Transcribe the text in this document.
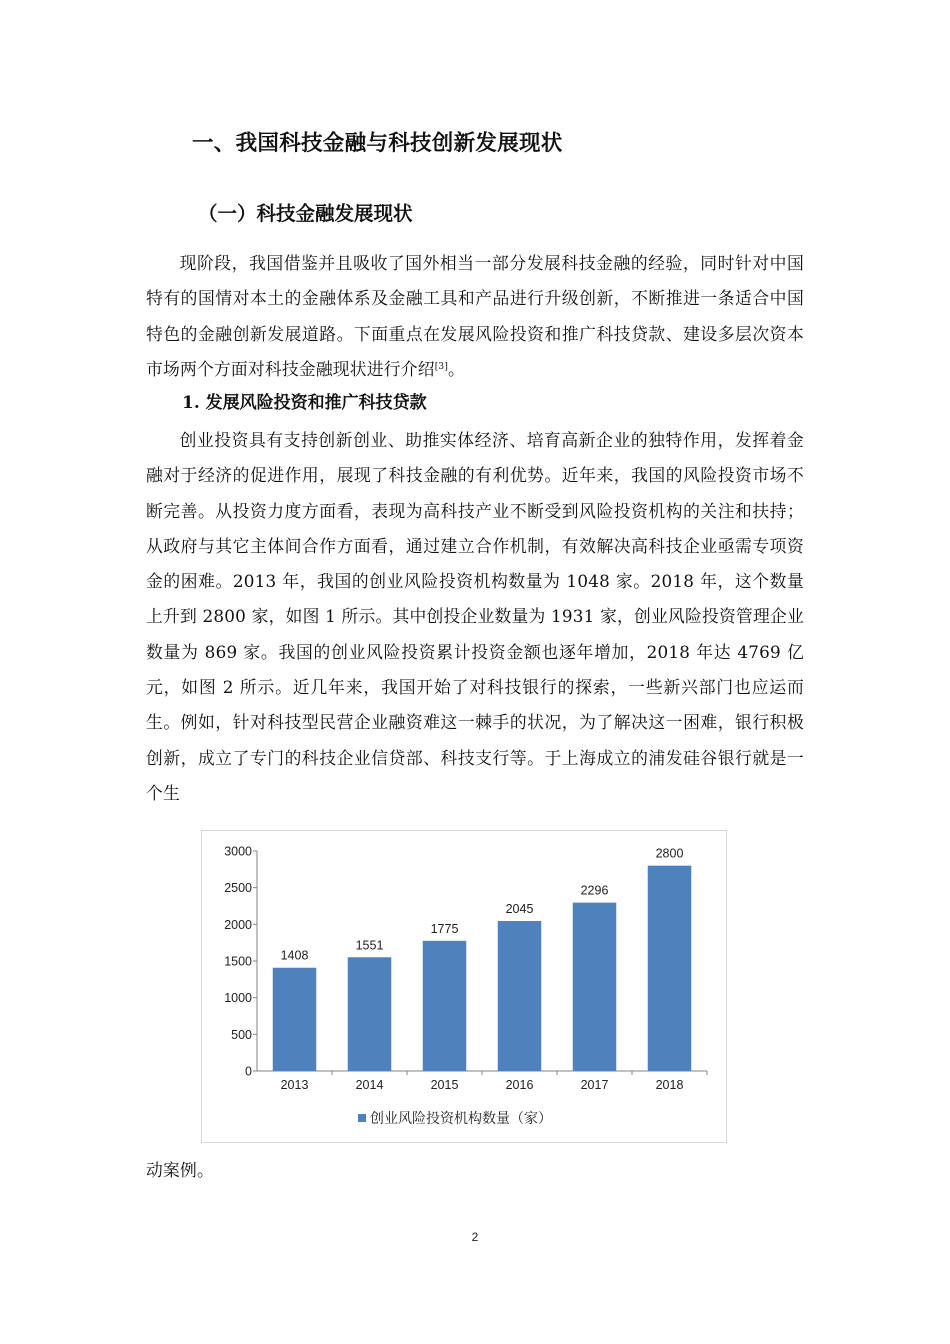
一、我国科技金融与科技创新发展现状
（一）科技金融发展现状
现阶段，我国借鉴并且吸收了国外相当一部分发展科技金融的经验，同时针对中国特有的国情对本土的金融体系及金融工具和产品进行升级创新，不断推进一条适合中国特色的金融创新发展道路。下面重点在发展风险投资和推广科技贷款、建设多层次资本市场两个方面对科技金融现状进行介绍[3]。
1. 发展风险投资和推广科技贷款
创业投资具有支持创新创业、助推实体经济、培育高新企业的独特作用，发挥着金融对于经济的促进作用，展现了科技金融的有利优势。近年来，我国的风险投资市场不断完善。从投资力度方面看，表现为高科技产业不断受到风险投资机构的关注和扶持；从政府与其它主体间合作方面看，通过建立合作机制，有效解决高科技企业亟需专项资金的困难。2013 年，我国的创业风险投资机构数量为 1048 家。2018 年，这个数量上升到 2800 家，如图 1 所示。其中创投企业数量为 1931 家，创业风险投资管理企业数量为 869 家。我国的创业风险投资累计投资金额也逐年增加，2018 年达 4769 亿元，如图 2 所示。近几年来，我国开始了对科技银行的探索，一些新兴部门也应运而生。例如，针对科技型民营企业融资难这一棘手的状况，为了解决这一困难，银行积极创新，成立了专门的科技企业信贷部、科技支行等。于上海成立的浦发硅谷银行就是一个生
0
500
1000
1500
2000
2500
3000
1408
2013
1551
2014
1775
2015
2045
2016
2296
2017
2800
2018
创业风险投资机构数量（家）
动案例。
2
